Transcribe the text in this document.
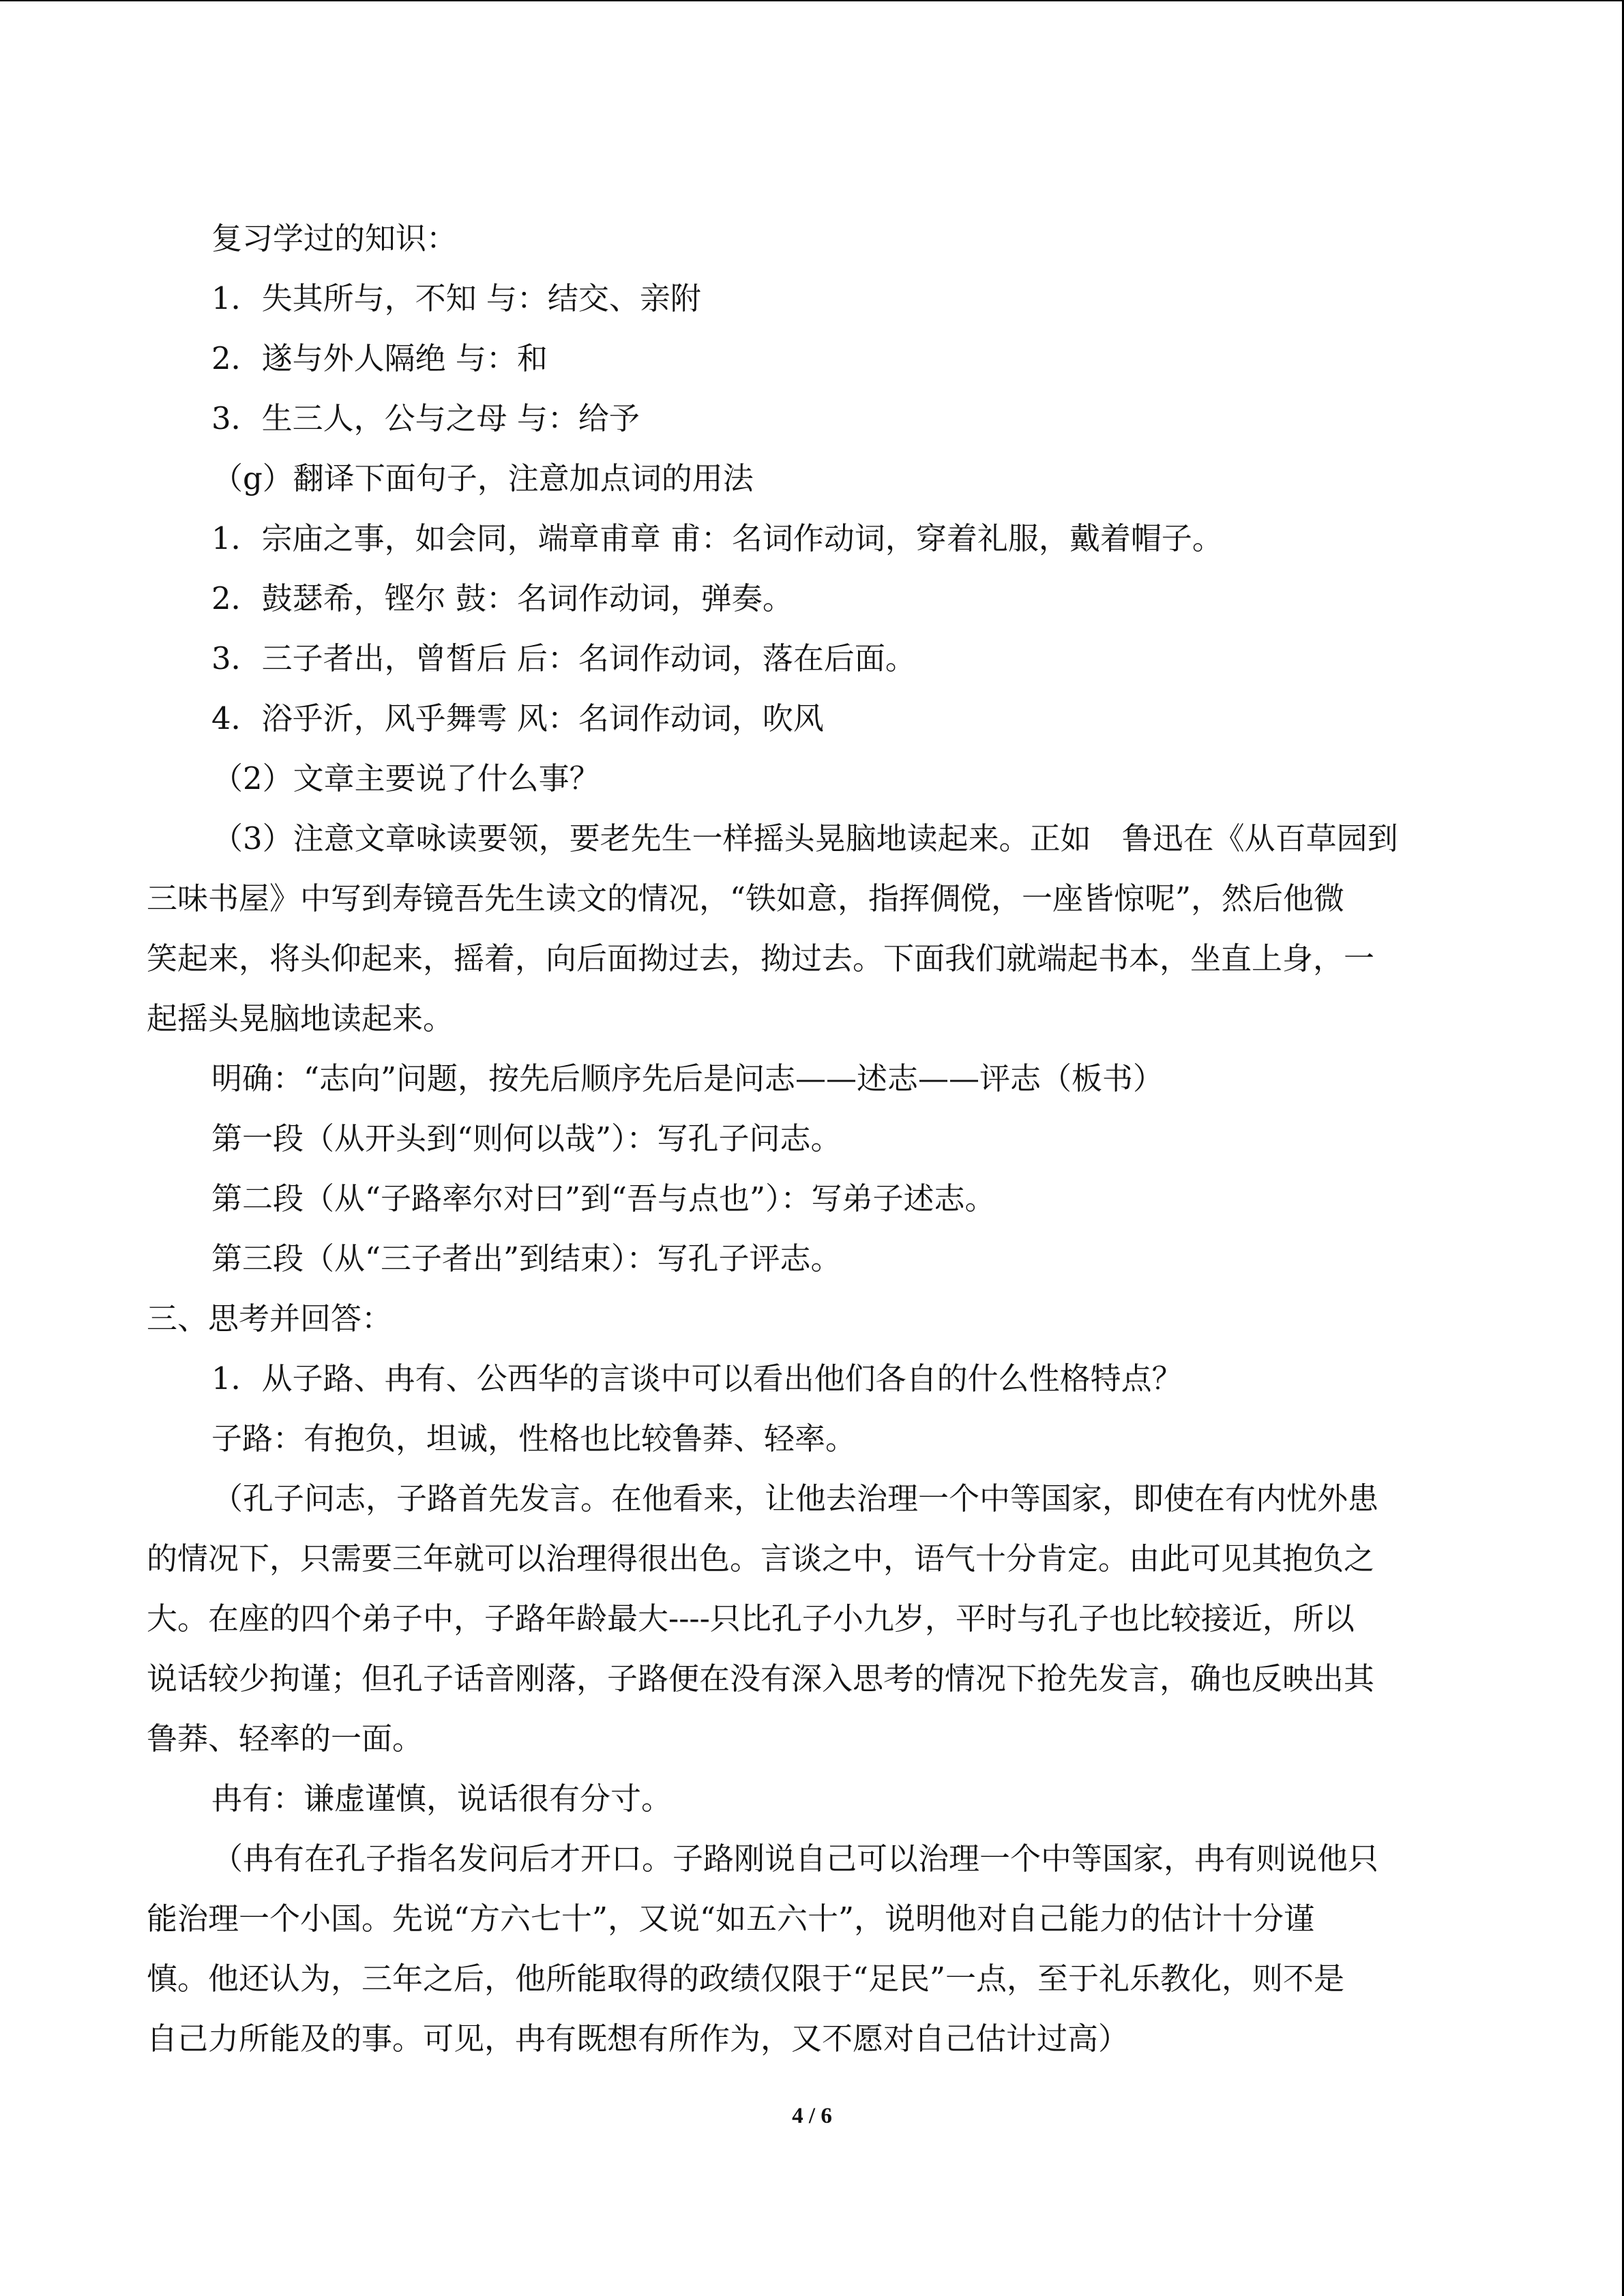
复习学过的知识：

1．失其所与，不知 与：结交、亲附

2．遂与外人隔绝 与：和

3．生三人，公与之母 与：给予

（g）翻译下面句子，注意加点词的用法

1．宗庙之事，如会同，端章甫章 甫：名词作动词，穿着礼服，戴着帽子。

2．鼓瑟希，铿尔 鼓：名词作动词，弹奏。

3．三子者出，曾皙后 后：名词作动词，落在后面。

4．浴乎沂，风乎舞雩 风：名词作动词，吹风

（2）文章主要说了什么事？

（3）注意文章咏读要领，要老先生一样摇头晃脑地读起来。正如　鲁迅在《从百草园到

三味书屋》中写到寿镜吾先生读文的情况，“铁如意，指挥倜傥，一座皆惊呢”，然后他微

笑起来，将头仰起来，摇着，向后面拗过去，拗过去。下面我们就端起书本，坐直上身，一

起摇头晃脑地读起来。

明确：“志向”问题，按先后顺序先后是问志——述志——评志（板书）

第一段（从开头到“则何以哉”）：写孔子问志。

第二段（从“子路率尔对曰”到“吾与点也”）：写弟子述志。

第三段（从“三子者出”到结束）：写孔子评志。

三、思考并回答：

1．从子路、冉有、公西华的言谈中可以看出他们各自的什么性格特点？

子路：有抱负，坦诚，性格也比较鲁莽、轻率。

（孔子问志，子路首先发言。在他看来，让他去治理一个中等国家，即使在有内忧外患

的情况下，只需要三年就可以治理得很出色。言谈之中，语气十分肯定。由此可见其抱负之

大。在座的四个弟子中，子路年龄最大----只比孔子小九岁，平时与孔子也比较接近，所以

说话较少拘谨；但孔子话音刚落，子路便在没有深入思考的情况下抢先发言，确也反映出其

鲁莽、轻率的一面。

冉有：谦虚谨慎，说话很有分寸。

（冉有在孔子指名发问后才开口。子路刚说自己可以治理一个中等国家，冉有则说他只

能治理一个小国。先说“方六七十”，又说“如五六十”，说明他对自己能力的估计十分谨

慎。他还认为，三年之后，他所能取得的政绩仅限于“足民”一点，至于礼乐教化，则不是

自己力所能及的事。可见，冉有既想有所作为，又不愿对自己估计过高）

4 / 6
